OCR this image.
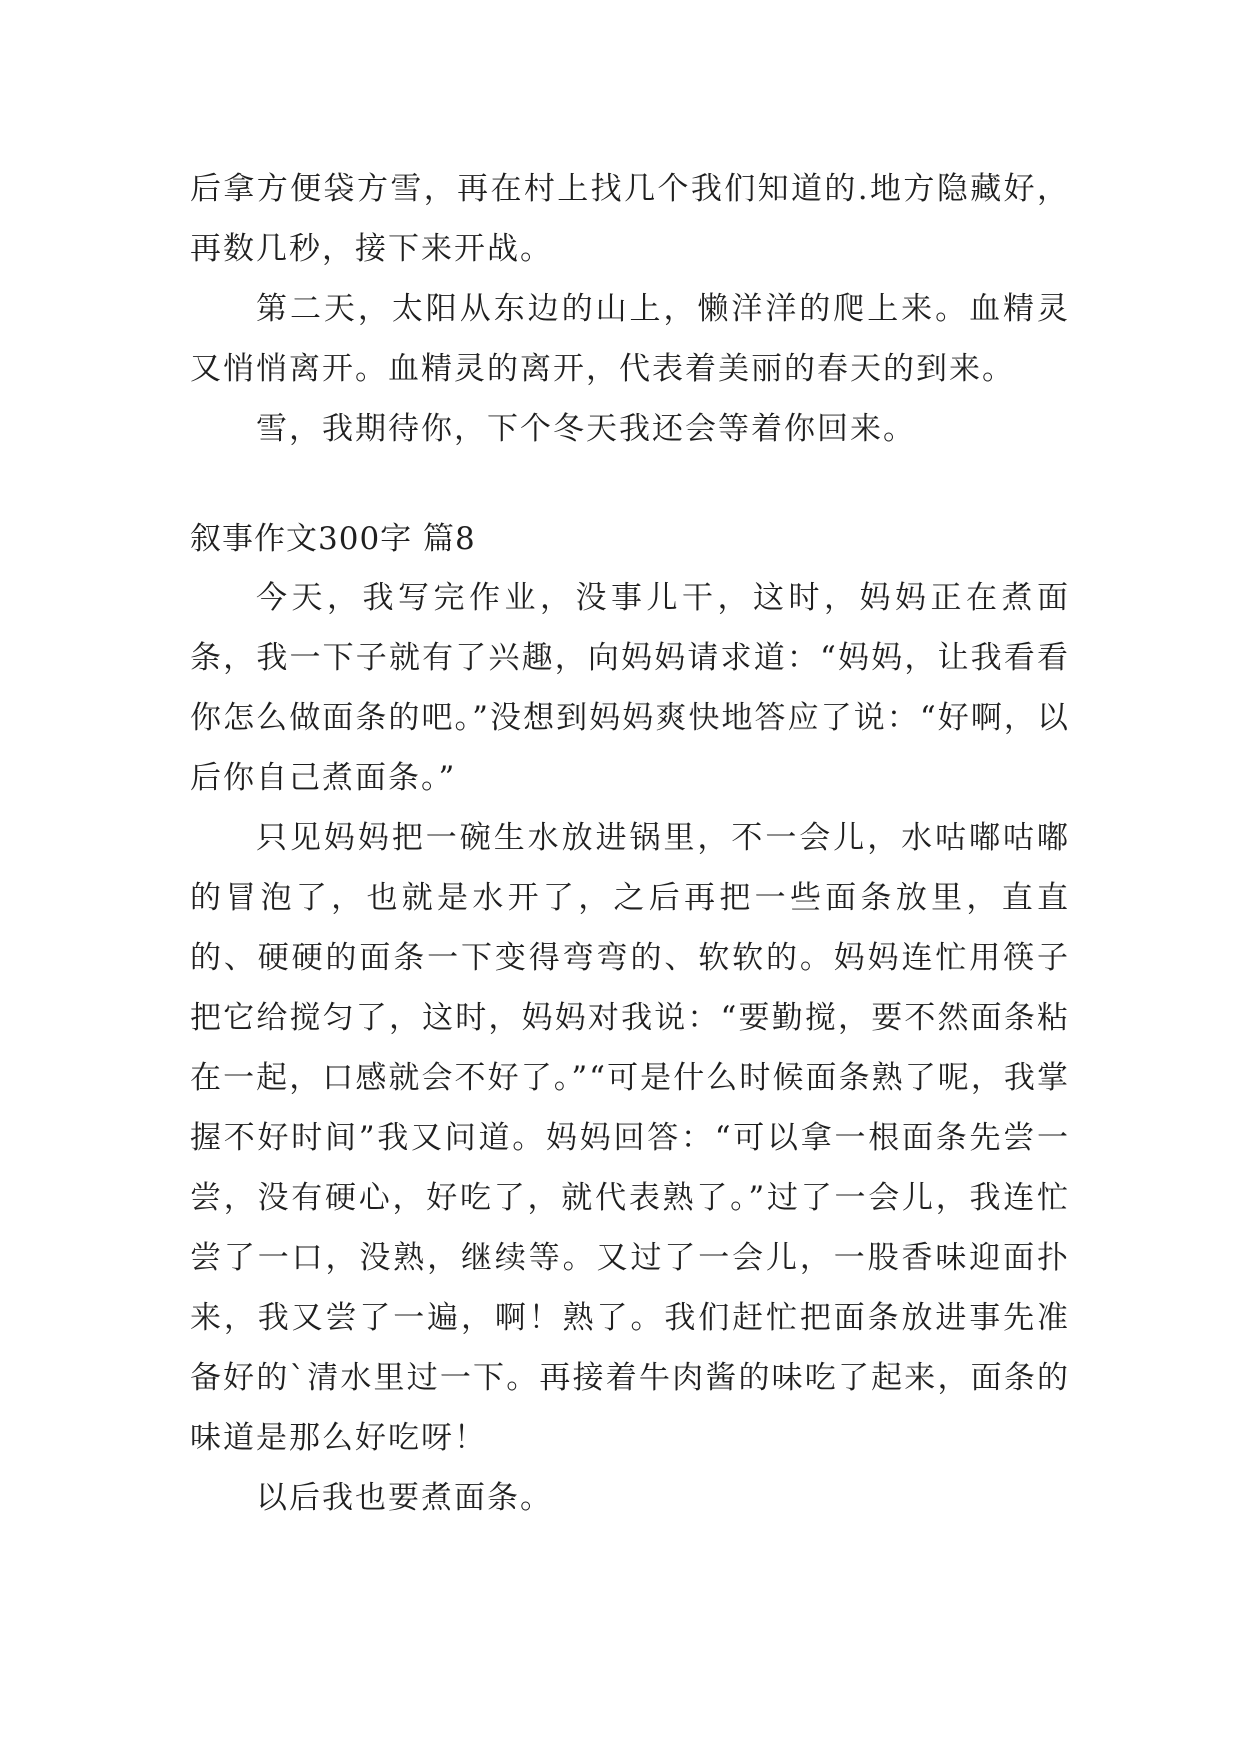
后拿方便袋方雪，再在村上找几个我们知道的.地方隐藏好，再数几秒，接下来开战。

第二天，太阳从东边的山上，懒洋洋的爬上来。血精灵又悄悄离开。血精灵的离开，代表着美丽的春天的到来。

雪，我期待你，下个冬天我还会等着你回来。

叙事作文300字 篇8

今天，我写完作业，没事儿干，这时，妈妈正在煮面条，我一下子就有了兴趣，向妈妈请求道：“妈妈，让我看看你怎么做面条的吧。”没想到妈妈爽快地答应了说：“好啊，以后你自己煮面条。”

只见妈妈把一碗生水放进锅里，不一会儿，水咕嘟咕嘟的冒泡了，也就是水开了，之后再把一些面条放里，直直的、硬硬的面条一下变得弯弯的、软软的。妈妈连忙用筷子把它给搅匀了，这时，妈妈对我说：“要勤搅，要不然面条粘在一起，口感就会不好了。”“可是什么时候面条熟了呢，我掌握不好时间”我又问道。妈妈回答：“可以拿一根面条先尝一尝，没有硬心，好吃了，就代表熟了。”过了一会儿，我连忙尝了一口，没熟，继续等。又过了一会儿，一股香味迎面扑来，我又尝了一遍，啊！熟了。我们赶忙把面条放进事先准备好的`清水里过一下。再接着牛肉酱的味吃了起来，面条的味道是那么好吃呀！

以后我也要煮面条。
